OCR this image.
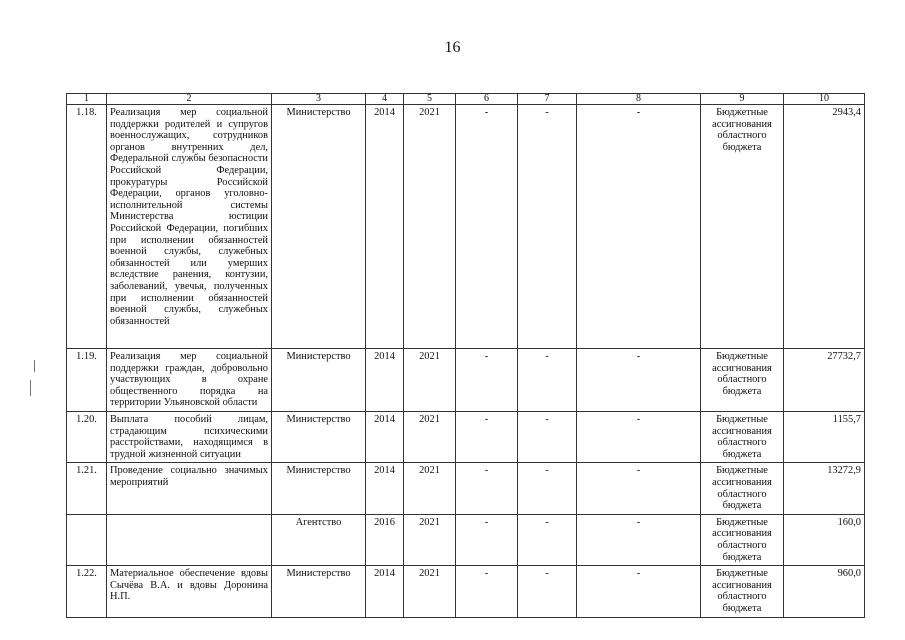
16
1	2	3	4	5	6	7	8	9	10
1.18.	Реализация мер социальной поддержки родителей и супругов военнослужащих, сотрудников органов внутренних дел, Федеральной службы безопасности Российской Федерации, прокуратуры Российской Федерации, органов уголовно-исполнительной системы Министерства юстиции Российской Федерации, погибших при исполнении обязанностей военной службы, служебных обязанностей или умерших вследствие ранения, контузии, заболеваний, увечья, полученных при исполнении обязанностей военной службы, служебных обязанностей	Министерство	2014	2021	-	-	-	Бюджетные ассигнования областного бюджета	2943,4
1.19.	Реализация мер социальной поддержки граждан, добровольно участвующих в охране общественного порядка на территории Ульяновской области	Министерство	2014	2021	-	-	-	Бюджетные ассигнования областного бюджета	27732,7
1.20.	Выплата пособий лицам, страдающим психическими расстройствами, находящимся в трудной жизненной ситуации	Министерство	2014	2021	-	-	-	Бюджетные ассигнования областного бюджета	1155,7
1.21.	Проведение социально значимых мероприятий	Министерство	2014	2021	-	-	-	Бюджетные ассигнования областного бюджета	13272,9
		Агентство	2016	2021	-	-	-	Бюджетные ассигнования областного бюджета	160,0
1.22.	Материальное обеспечение вдовы Сычёва В.А. и вдовы Доронина Н.П.	Министерство	2014	2021	-	-	-	Бюджетные ассигнования областного бюджета	960,0
